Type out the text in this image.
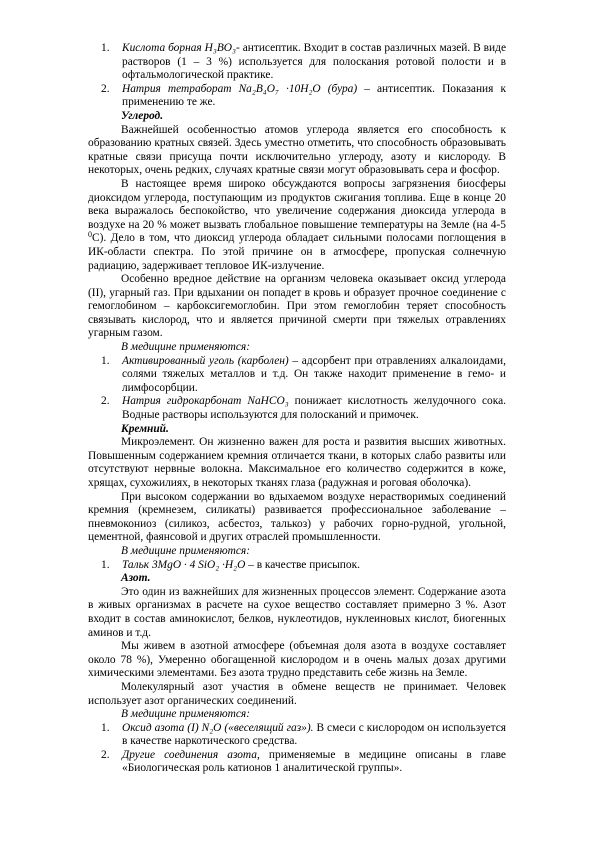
1. Кислота борная H₃BO₃- антисептик. Входит в состав различных мазей. В виде растворов (1 – 3 %) используется для полоскания ротовой полости и в офтальмологической практике.
2. Натрия тетраборат Na₂B₄O₇ ·10H₂O (бура) – антисептик. Показания к применению те же.
Углерод.

Важнейшей особенностью атомов углерода является его способность к образованию кратных связей. Здесь уместно отметить, что способность образовывать кратные связи присуща почти исключительно углероду, азоту и кислороду. В некоторых, очень редких, случаях кратные связи могут образовывать сера и фосфор.

В настоящее время широко обсуждаются вопросы загрязнения биосферы диоксидом углерода, поступающим из продуктов сжигания топлива. Еще в конце 20 века выражалось беспокойство, что увеличение содержания диоксида углерода в воздухе на 20 % может вызвать глобальное повышение температуры на Земле (на 4-5 $^0$С). Дело в том, что диоксид углерода обладает сильными полосами поглощения в ИК-области спектра. По этой причине он в атмосфере, пропуская солнечную радиацию, задерживает тепловое ИК-излучение.

Особенно вредное действие на организм человека оказывает оксид углерода (II), угарный газ. При вдыхании он попадет в кровь и образует прочное соединение с гемоглобином – карбоксигемоглобин. При этом гемоглобин теряет способность связывать кислород, что и является причиной смерти при тяжелых отравлениях угарным газом.

В медицине применяются:
1. Активированный уголь (карболен) – адсорбент при отравлениях алкалоидами, солями тяжелых металлов и т.д. Он также находит применение в гемо- и лимфосорбции.
2. Натрия гидрокарбонат NaHCO₃ понижает кислотность желудочного сока. Водные растворы используются для полосканий и примочек.
Кремний.

Микроэлемент. Он жизненно важен для роста и развития высших животных. Повышенным содержанием кремния отличается ткани, в которых слабо развиты или отсутствуют нервные волокна. Максимальное его количество содержится в коже, хрящах, сухожилиях, в некоторых тканях глаза (радужная и роговая оболочка).

При высоком содержании во вдыхаемом воздухе нерастворимых соединений кремния (кремнезем, силикаты) развивается профессиональное заболевание – пневмокониоз (силикоз, асбестоз, талькоз) у рабочих горно-рудной, угольной, цементной, фаянсовой и других отраслей промышленности.

В медицине применяются:
1. Тальк 3MgO · 4 SiO₂ ·H₂O – в качестве присыпок.
Азот.

Это один из важнейших для жизненных процессов элемент. Содержание азота в живых организмах в расчете на сухое вещество составляет примерно 3 %. Азот входит в состав аминокислот, белков, нуклеотидов, нуклеиновых кислот, биогенных аминов и т.д.

Мы живем в азотной атмосфере (объемная доля азота в воздухе составляет около 78 %), Умеренно обогащенной кислородом и в очень малых дозах другими химическими элементами. Без азота трудно представить себе жизнь на Земле.

Молекулярный азот участия в обмене веществ не принимает. Человек использует азот органических соединений.

В медицине применяются:
1. Оксид азота (I) N₂O («веселящий газ»). В смеси с кислородом он используется в качестве наркотического средства.
2. Другие соединения азота, применяемые в медицине описаны в главе «Биологическая роль катионов 1 аналитической группы».
